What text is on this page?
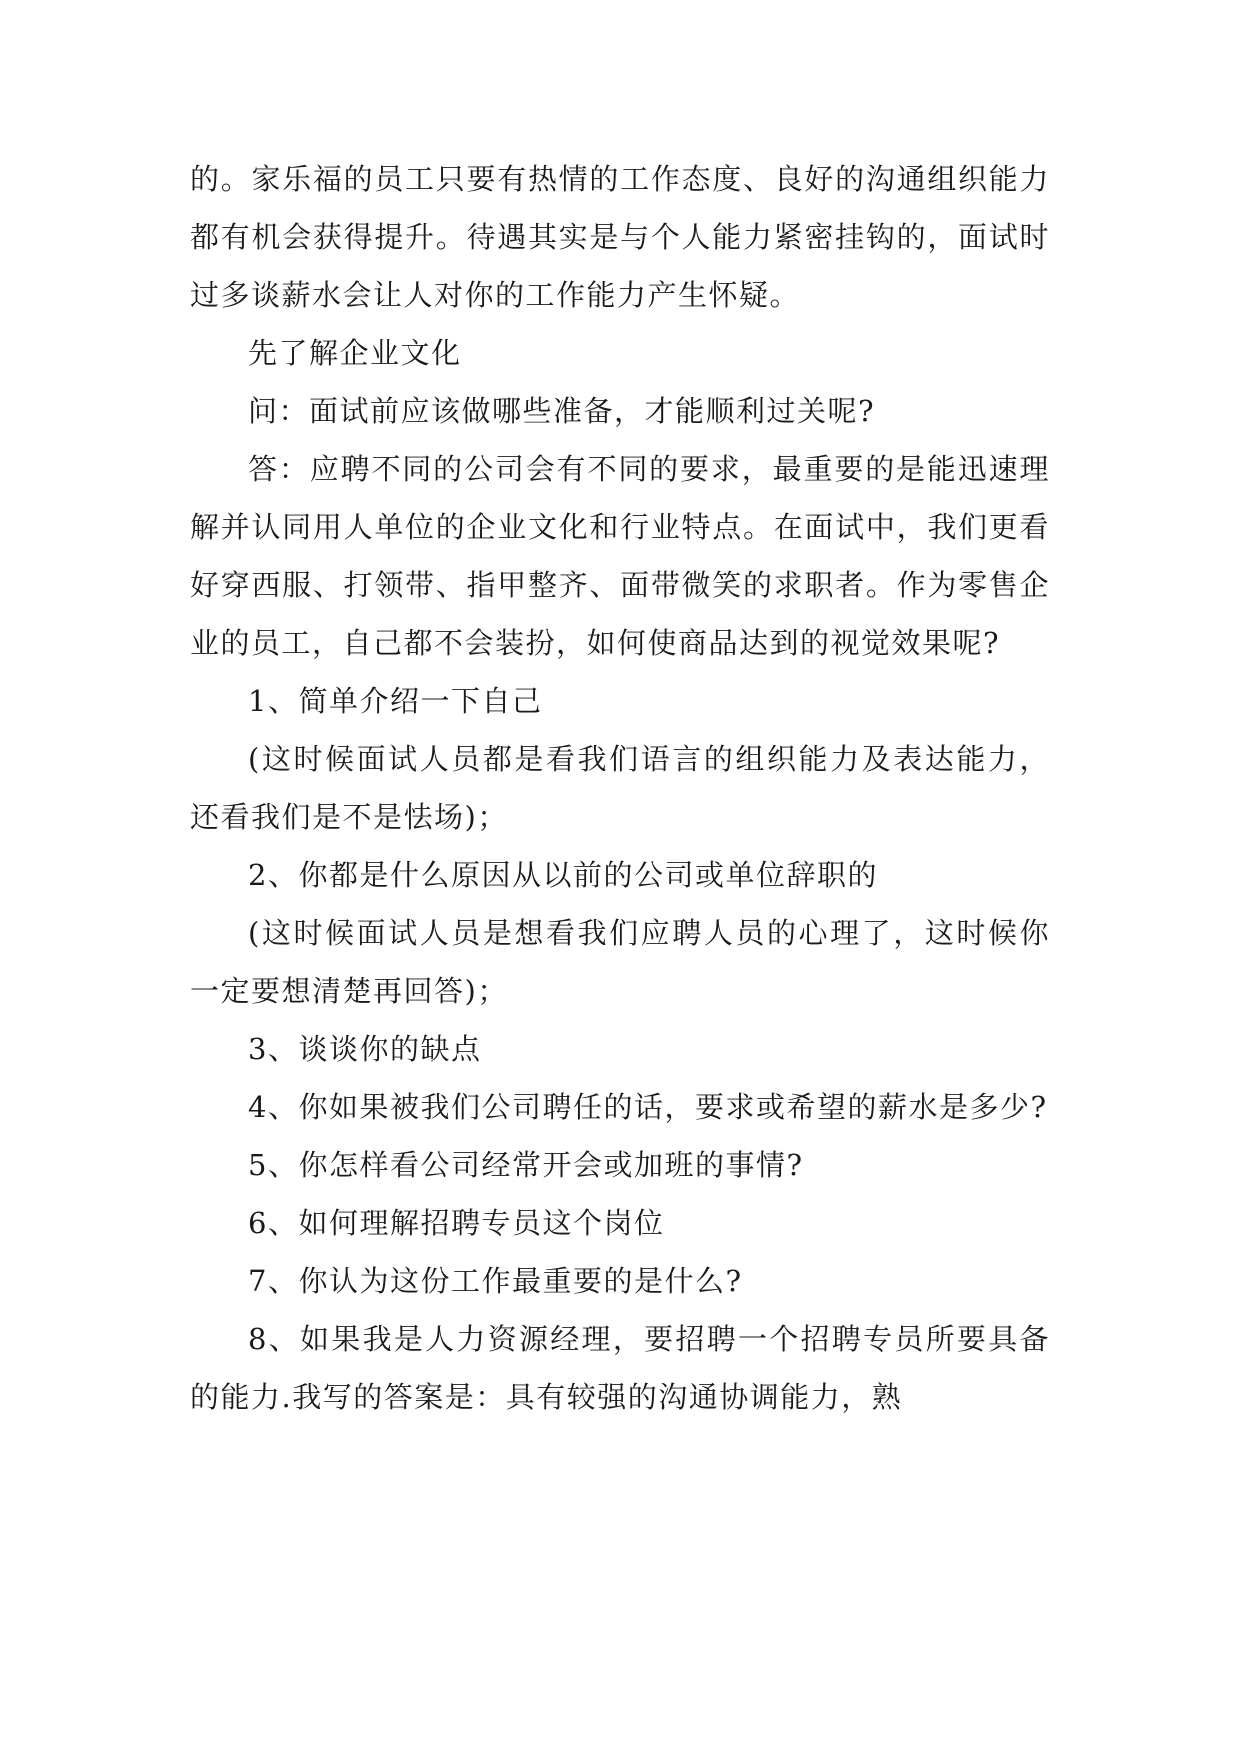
的。家乐福的员工只要有热情的工作态度、良好的沟通组织能力都有机会获得提升。待遇其实是与个人能力紧密挂钩的，面试时过多谈薪水会让人对你的工作能力产生怀疑。

先了解企业文化

问：面试前应该做哪些准备，才能顺利过关呢?

答：应聘不同的公司会有不同的要求，最重要的是能迅速理解并认同用人单位的企业文化和行业特点。在面试中，我们更看好穿西服、打领带、指甲整齐、面带微笑的求职者。作为零售企业的员工，自己都不会装扮，如何使商品达到的视觉效果呢?

1、简单介绍一下自己

(这时候面试人员都是看我们语言的组织能力及表达能力，还看我们是不是怯场)；

2、你都是什么原因从以前的公司或单位辞职的

(这时候面试人员是想看我们应聘人员的心理了，这时候你一定要想清楚再回答)；

3、谈谈你的缺点

4、你如果被我们公司聘任的话，要求或希望的薪水是多少?

5、你怎样看公司经常开会或加班的事情?

6、如何理解招聘专员这个岗位

7、你认为这份工作最重要的是什么?

8、如果我是人力资源经理，要招聘一个招聘专员所要具备的能力.我写的答案是：具有较强的沟通协调能力，熟
